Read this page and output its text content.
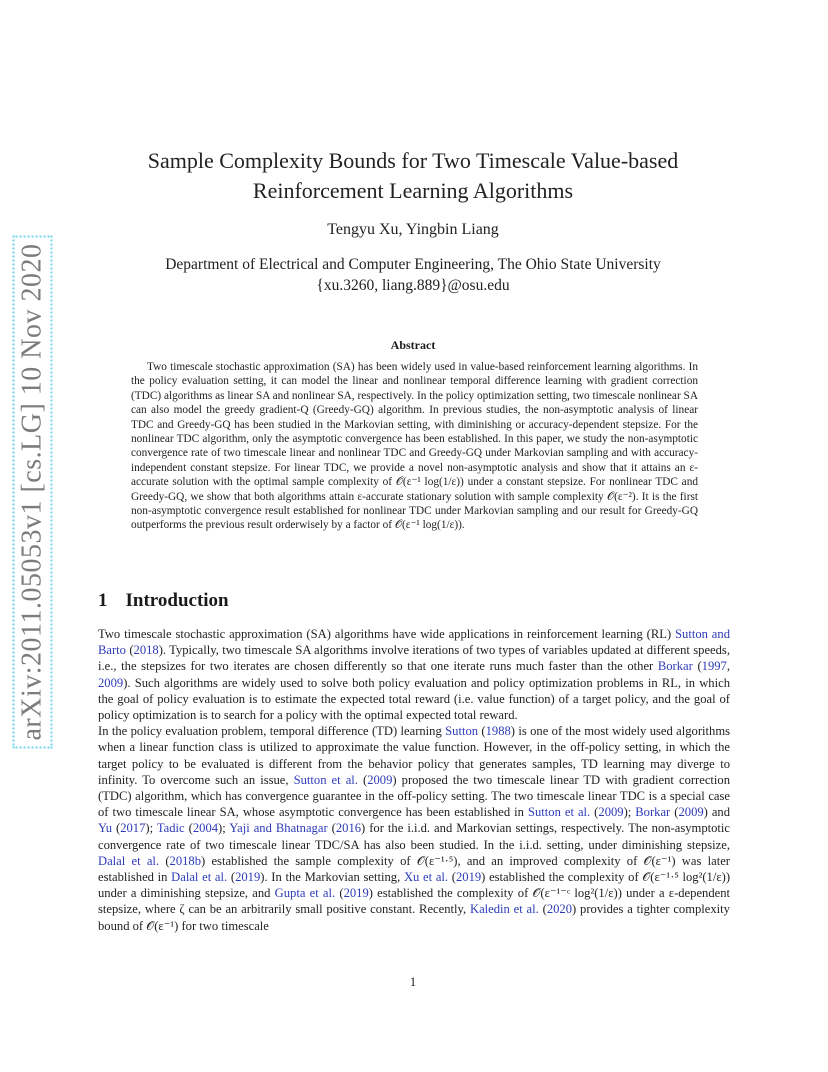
arXiv:2011.05053v1 [cs.LG] 10 Nov 2020
Sample Complexity Bounds for Two Timescale Value-based
Reinforcement Learning Algorithms
Tengyu Xu, Yingbin Liang
Department of Electrical and Computer Engineering, The Ohio State University
{xu.3260, liang.889}@osu.edu
Abstract
Two timescale stochastic approximation (SA) has been widely used in value-based reinforcement learning algorithms. In the policy evaluation setting, it can model the linear and nonlinear temporal difference learning with gradient correction (TDC) algorithms as linear SA and nonlinear SA, respectively. In the policy optimization setting, two timescale nonlinear SA can also model the greedy gradient-Q (Greedy-GQ) algorithm. In previous studies, the non-asymptotic analysis of linear TDC and Greedy-GQ has been studied in the Markovian setting, with diminishing or accuracy-dependent stepsize. For the nonlinear TDC algorithm, only the asymptotic convergence has been established. In this paper, we study the non-asymptotic convergence rate of two timescale linear and nonlinear TDC and Greedy-GQ under Markovian sampling and with accuracy-independent constant stepsize. For linear TDC, we provide a novel non-asymptotic analysis and show that it attains an ε-accurate solution with the optimal sample complexity of 𝒪(ε⁻¹ log(1/ε)) under a constant stepsize. For nonlinear TDC and Greedy-GQ, we show that both algorithms attain ε-accurate stationary solution with sample complexity 𝒪(ε⁻²). It is the first non-asymptotic convergence result established for nonlinear TDC under Markovian sampling and our result for Greedy-GQ outperforms the previous result orderwisely by a factor of 𝒪(ε⁻¹ log(1/ε)).
1 Introduction

Two timescale stochastic approximation (SA) algorithms have wide applications in reinforcement learning (RL) Sutton and Barto (2018). Typically, two timescale SA algorithms involve iterations of two types of variables updated at different speeds, i.e., the stepsizes for two iterates are chosen differently so that one iterate runs much faster than the other Borkar (1997, 2009). Such algorithms are widely used to solve both policy evaluation and policy optimization problems in RL, in which the goal of policy evaluation is to estimate the expected total reward (i.e. value function) of a target policy, and the goal of policy optimization is to search for a policy with the optimal expected total reward.

In the policy evaluation problem, temporal difference (TD) learning Sutton (1988) is one of the most widely used algorithms when a linear function class is utilized to approximate the value function. However, in the off-policy setting, in which the target policy to be evaluated is different from the behavior policy that generates samples, TD learning may diverge to infinity. To overcome such an issue, Sutton et al. (2009) proposed the two timescale linear TD with gradient correction (TDC) algorithm, which has convergence guarantee in the off-policy setting. The two timescale linear TDC is a special case of two timescale linear SA, whose asymptotic convergence has been established in Sutton et al. (2009); Borkar (2009) and Yu (2017); Tadic (2004); Yaji and Bhatnagar (2016) for the i.i.d. and Markovian settings, respectively. The non-asymptotic convergence rate of two timescale linear TDC/SA has also been studied. In the i.i.d. setting, under diminishing stepsize, Dalal et al. (2018b) established the sample complexity of 𝒪(ε⁻¹·⁵), and an improved complexity of 𝒪(ε⁻¹) was later established in Dalal et al. (2019). In the Markovian setting, Xu et al. (2019) established the complexity of 𝒪(ε⁻¹·⁵ log²(1/ε)) under a diminishing stepsize, and Gupta et al. (2019) established the complexity of 𝒪(ε⁻¹⁻ᶜ log²(1/ε)) under a ε-dependent stepsize, where ζ can be an arbitrarily small positive constant. Recently, Kaledin et al. (2020) provides a tighter complexity bound of 𝒪(ε⁻¹) for two timescale

1
